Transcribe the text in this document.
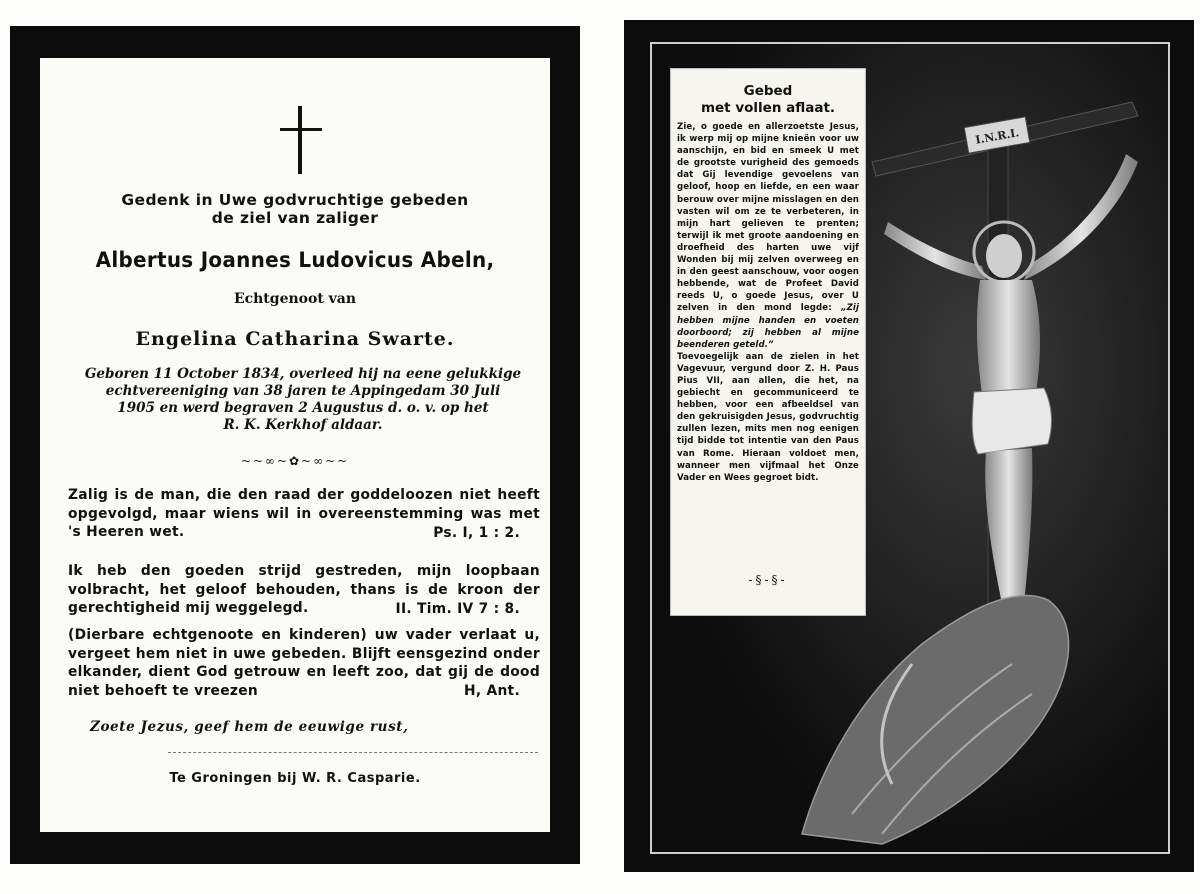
Gedenk in Uwe godvruchtige gebeden
de ziel van zaliger
Albertus Joannes Ludovicus Abeln,
Echtgenoot van
Engelina Catharina Swarte.
Geboren 11 October 1834, overleed hij na eene gelukkige
echtvereeniging van 38 jaren te Appingedam 30 Juli
1905 en werd begraven 2 Augustus d. o. v. op het
R. K. Kerkhof aldaar.
~~∞~✿~∞~~
Zalig is de man, die den raad der goddeloozen niet heeft opgevolgd, maar wiens wil in overeenstemming was met 's Heeren wet.	Ps. I, 1 : 2.
Ik heb den goeden strijd gestreden, mijn loopbaan volbracht, het geloof behouden, thans is de kroon der gerechtigheid mij weggelegd.	II. Tim. IV 7 : 8.
(Dierbare echtgenoote en kinderen) uw vader verlaat u, vergeet hem niet in uwe gebeden. Blijft eensgezind onder elkander, dient God getrouw en leeft zoo, dat gij de dood niet behoeft te vreezen	H, Ant.
Zoete Jezus, geef hem de eeuwige rust,
Te Groningen bij W. R. Casparie.
I.N.R.I.
Gebed
met vollen aflaat.
Zie, o goede en allerzoetste Jesus, ik werp mij op mijne knieën voor uw aanschijn, en bid en smeek U met de grootste vurigheid des gemoeds dat Gij levendige gevoelens van geloof, hoop en liefde, en een waar berouw over mijne misslagen en den vasten wil om ze te verbeteren, in mijn hart gelieven te prenten; terwijl ik met groote aandoening en droefheid des harten uwe vijf Wonden bij mij zelven overweeg en in den geest aanschouw, voor oogen hebbende, wat de Profeet David reeds U, o goede Jesus, over U zelven in den mond legde: „Zij hebben mijne handen en voeten doorboord; zij hebben al mijne beenderen geteld.”
Toevoegelijk aan de zielen in het Vagevuur, vergund door Z. H. Paus Pius VII, aan allen, die het, na gebiecht en gecommuniceerd te hebben, voor een afbeeldsel van den gekruisigden Jesus, godvruchtig zullen lezen, mits men nog eenigen tijd bidde tot intentie van den Paus van Rome. Hieraan voldoet men, wanneer men vijfmaal het Onze Vader en Wees gegroet bidt.
-§-§-
